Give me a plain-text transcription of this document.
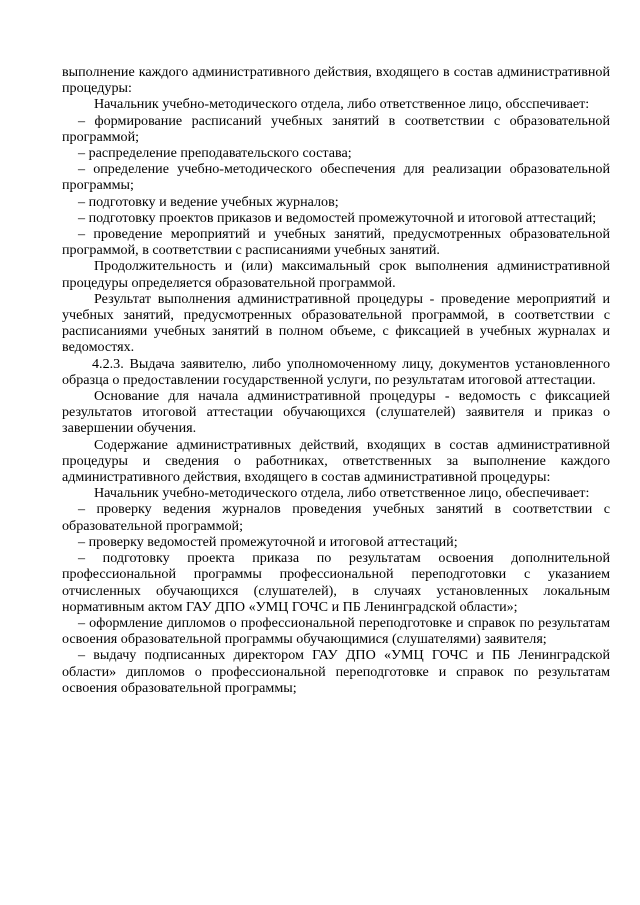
выполнение каждого административного действия, входящего в состав административной процедуры:

Начальник учебно-методического отдела, либо ответственное лицо, обсспечивает:

– формирование расписаний учебных занятий в соответствии с образовательной программой;

– распределение преподавательского состава;

– определение учебно-методического обеспечения для реализации образовательной программы;

– подготовку и ведение учебных журналов;

– подготовку проектов приказов и ведомостей промежуточной и итоговой аттестаций;

– проведение мероприятий и учебных занятий, предусмотренных образовательной программой, в соответствии с расписаниями учебных занятий.

Продолжительность и (или) максимальный срок выполнения административной процедуры определяется образовательной программой.

Результат выполнения административной процедуры - проведение мероприятий и учебных занятий, предусмотренных образовательной программой, в соответствии с расписаниями учебных занятий в полном объеме, с фиксацией в учебных журналах и ведомостях.

4.2.3. Выдача заявителю, либо уполномоченному лицу, документов установленного образца о предоставлении государственной услуги, по результатам итоговой аттестации.

Основание для начала административной процедуры - ведомость с фиксацией результатов итоговой аттестации обучающихся (слушателей) заявителя и приказ о завершении обучения.

Содержание административных действий, входящих в состав административной процедуры и сведения о работниках, ответственных за выполнение каждого административного действия, входящего в состав административной процедуры:

Начальник учебно-методического отдела, либо ответственное лицо, обеспечивает:

– проверку ведения журналов проведения учебных занятий в соответствии с образовательной программой;

– проверку ведомостей промежуточной и итоговой аттестаций;

– подготовку проекта приказа по результатам освоения дополнительной профессиональной программы профессиональной переподготовки с указанием отчисленных обучающихся (слушателей), в случаях установленных локальным нормативным актом ГАУ ДПО «УМЦ ГОЧС и ПБ Ленинградской области»;

– оформление дипломов о профессиональной переподготовке и справок по результатам освоения образовательной программы обучающимися (слушателями) заявителя;

– выдачу подписанных директором ГАУ ДПО «УМЦ ГОЧС и ПБ Ленинградской области» дипломов о профессиональной переподготовке и справок по результатам освоения образовательной программы;
